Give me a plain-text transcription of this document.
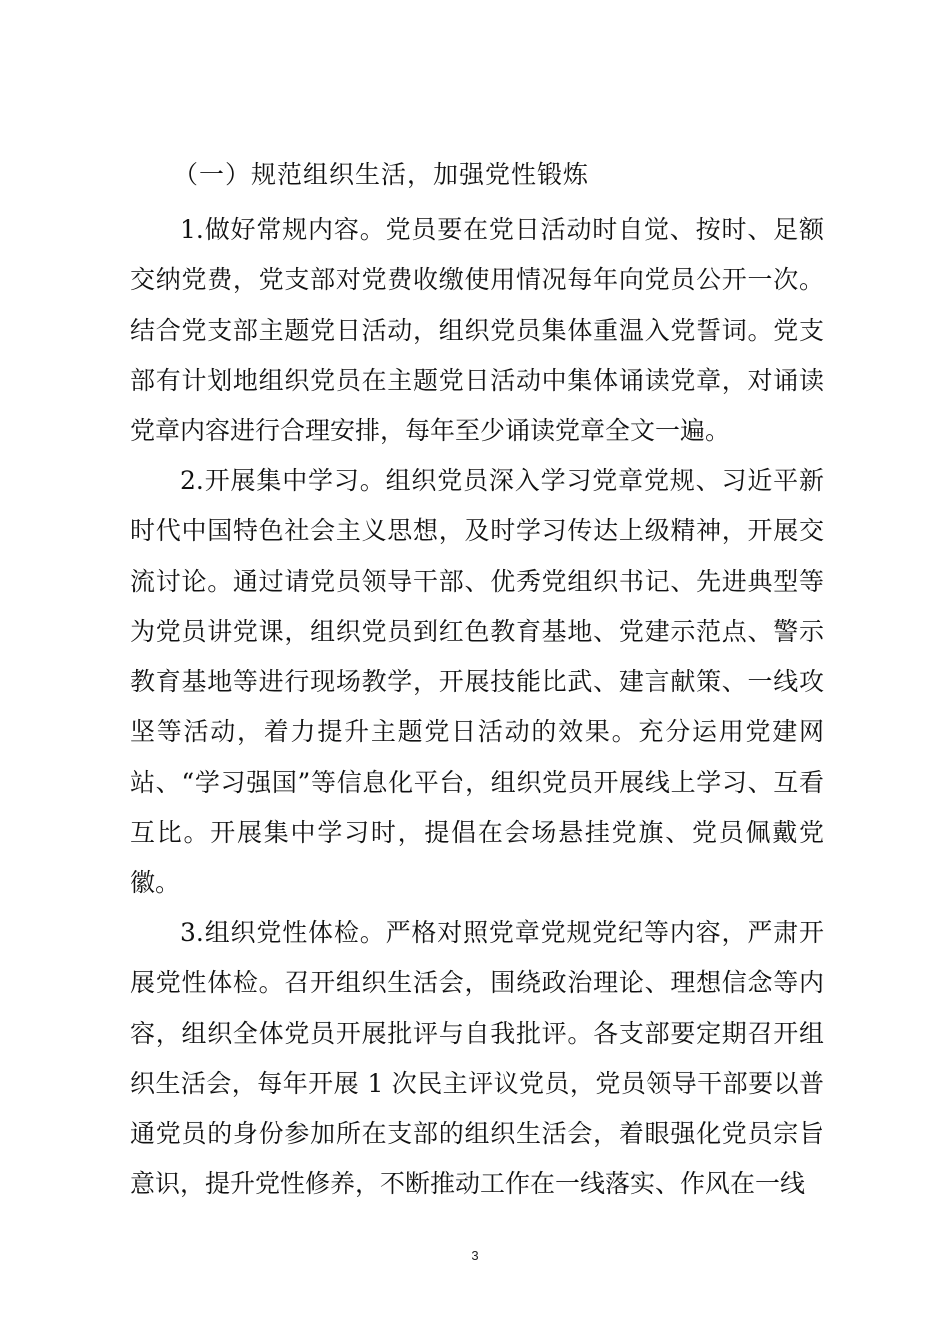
（一）规范组织生活，加强党性锻炼

1.做好常规内容。党员要在党日活动时自觉、按时、足额交纳党费，党支部对党费收缴使用情况每年向党员公开一次。结合党支部主题党日活动，组织党员集体重温入党誓词。党支部有计划地组织党员在主题党日活动中集体诵读党章，对诵读党章内容进行合理安排，每年至少诵读党章全文一遍。

2.开展集中学习。组织党员深入学习党章党规、习近平新时代中国特色社会主义思想，及时学习传达上级精神，开展交流讨论。通过请党员领导干部、优秀党组织书记、先进典型等为党员讲党课，组织党员到红色教育基地、党建示范点、警示教育基地等进行现场教学，开展技能比武、建言献策、一线攻坚等活动，着力提升主题党日活动的效果。充分运用党建网站、“学习强国”等信息化平台，组织党员开展线上学习、互看互比。开展集中学习时，提倡在会场悬挂党旗、党员佩戴党徽。

3.组织党性体检。严格对照党章党规党纪等内容，严肃开展党性体检。召开组织生活会，围绕政治理论、理想信念等内容，组织全体党员开展批评与自我批评。各支部要定期召开组织生活会，每年开展 1 次民主评议党员，党员领导干部要以普通党员的身份参加所在支部的组织生活会，着眼强化党员宗旨意识，提升党性修养，不断推动工作在一线落实、作风在一线

3
